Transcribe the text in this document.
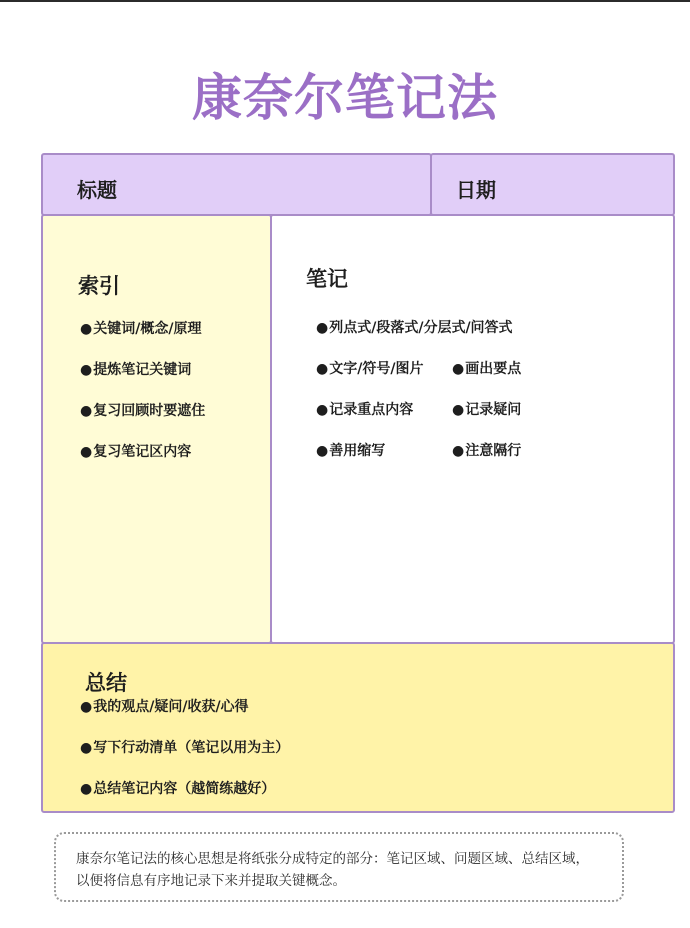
康奈尔笔记法
标题	日期
索引
●关键词/概念/原理
●提炼笔记关键词
●复习回顾时要遮住
●复习笔记区内容
笔记
●列点式/段落式/分层式/问答式
●文字/符号/图片 ●画出要点
●记录重点内容	●记录疑问
●善用缩写	●注意隔行
总结
●我的观点/疑问/收获/心得
●写下行动清单（笔记以用为主）
●总结笔记内容（越简练越好）
康奈尔笔记法的核心思想是将纸张分成特定的部分：笔记区域、问题区域、总结区域，以便将信息有序地记录下来并提取关键概念。
